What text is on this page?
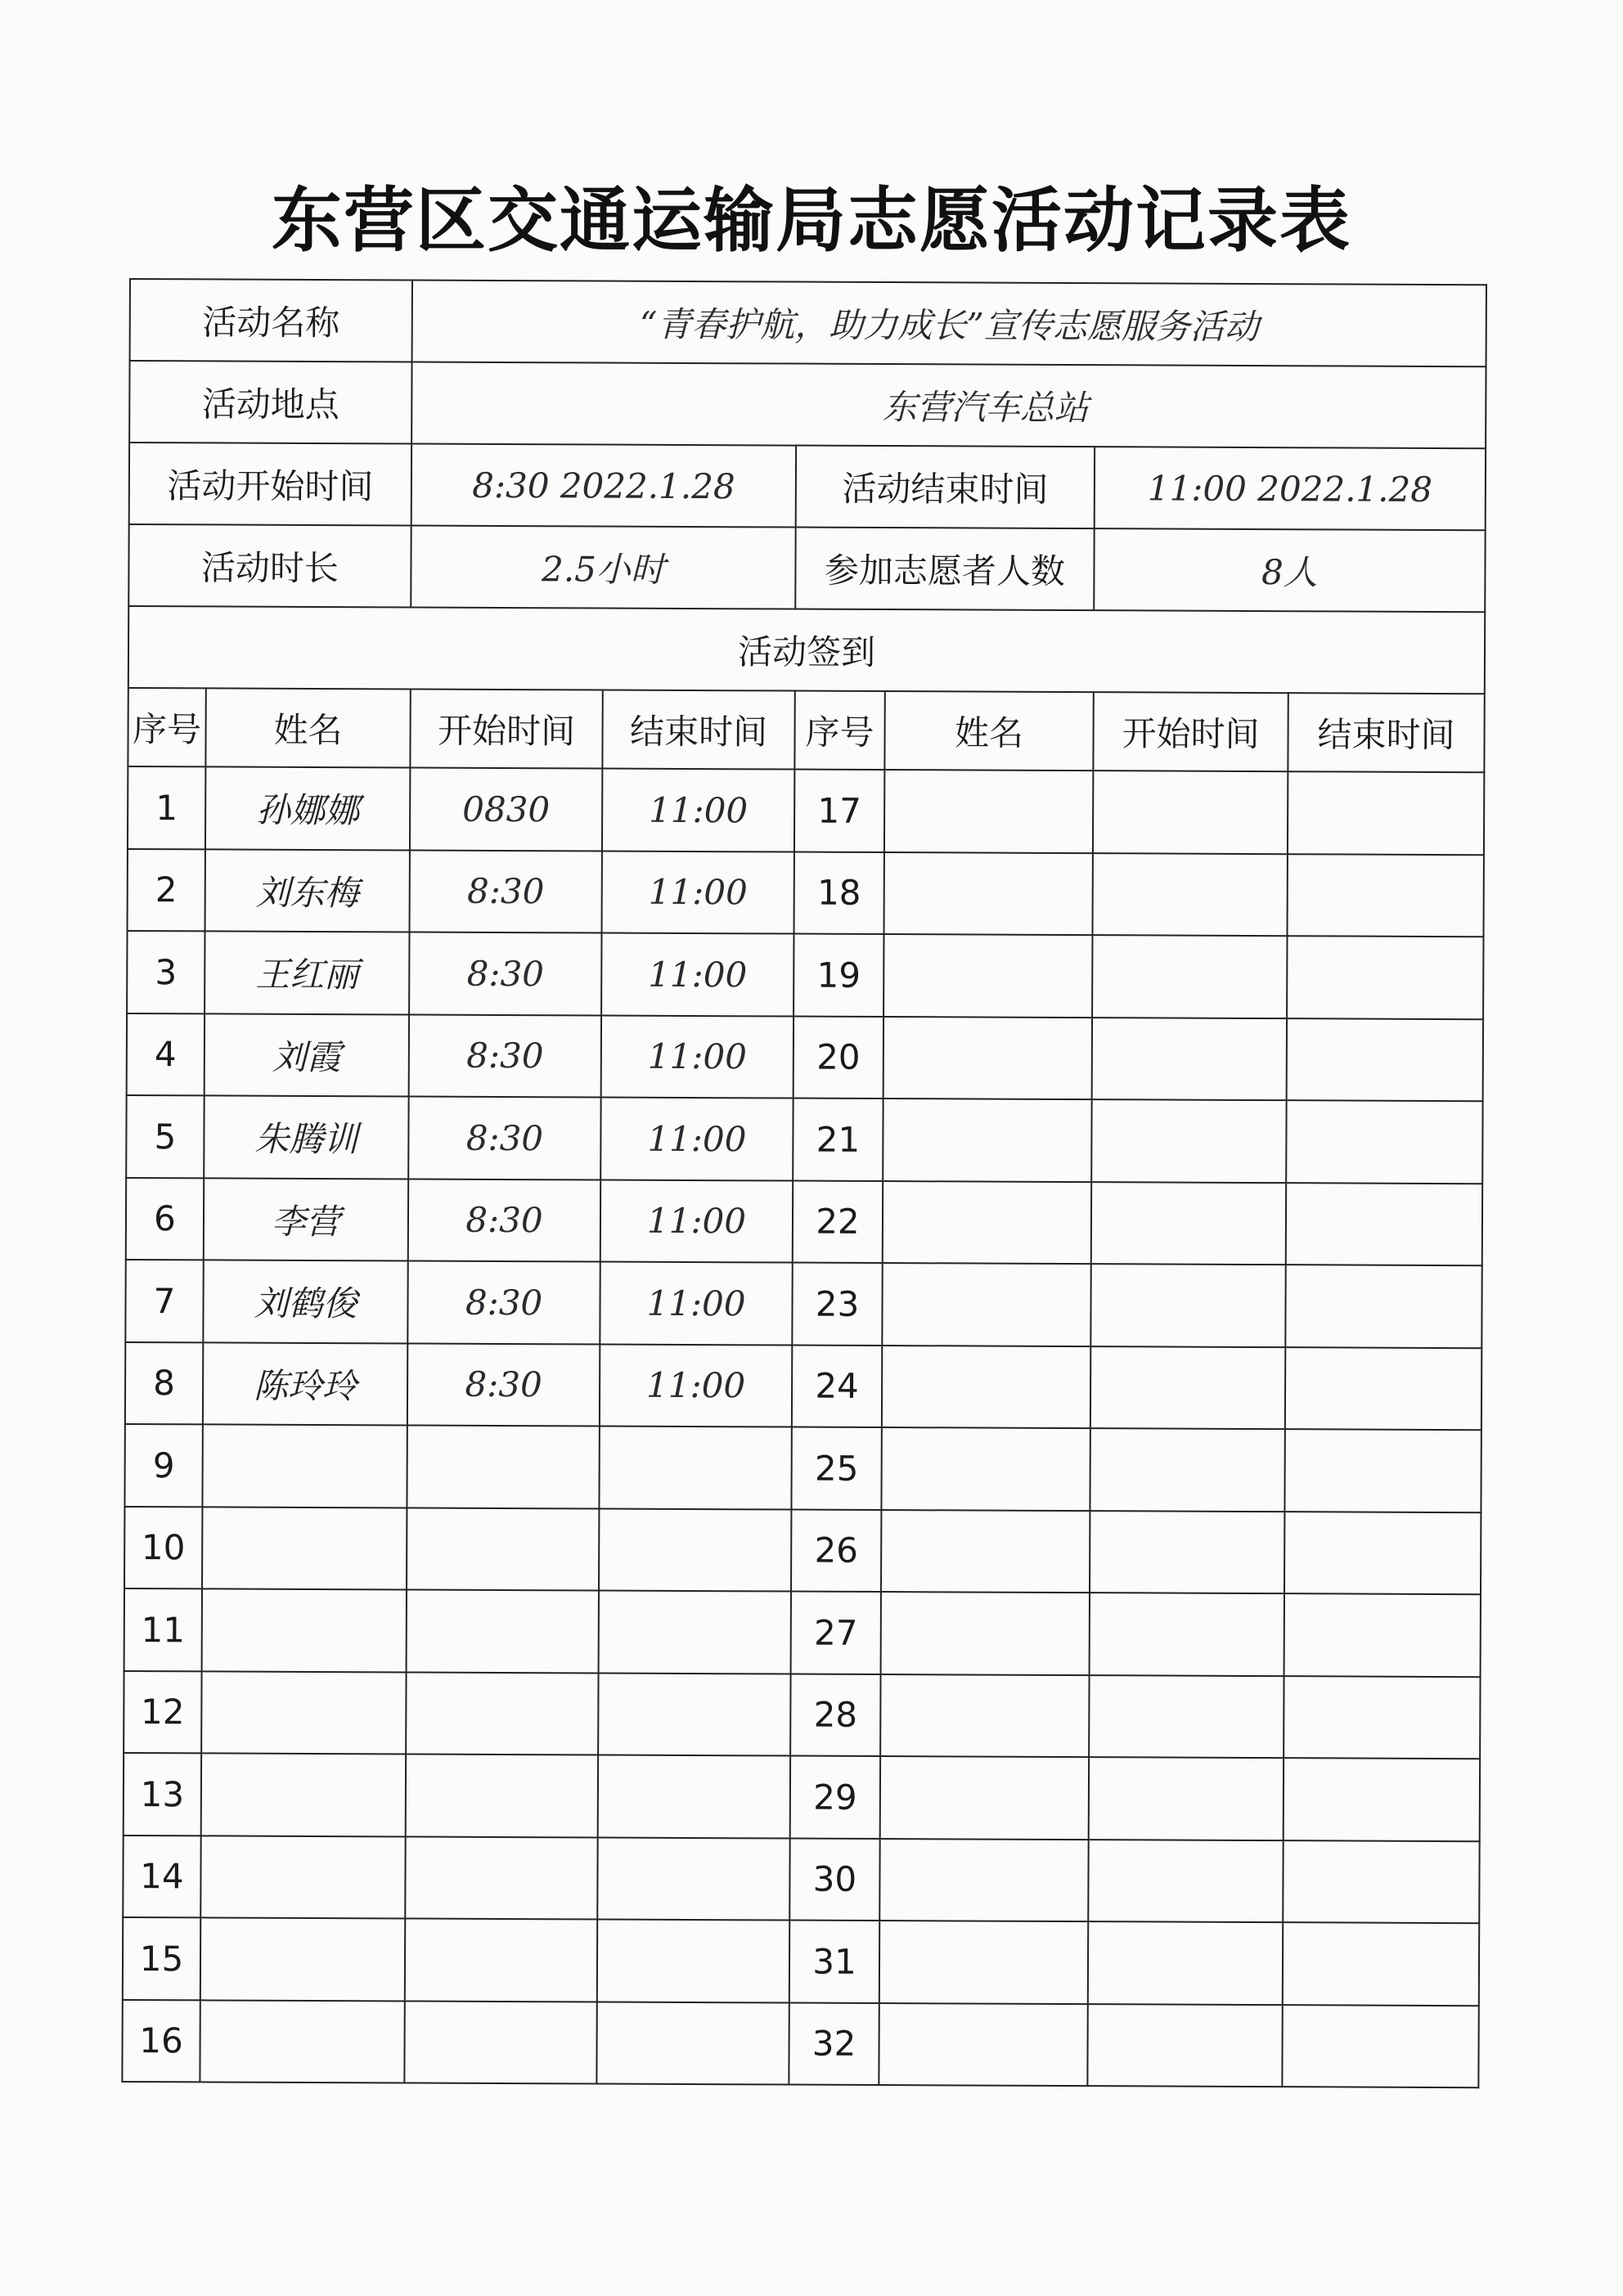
东营区交通运输局志愿活动记录表
活动名称		“青春护航，助力成长”宣传志愿服务活动					
活动地点		东营汽车总站					
活动开始时间		8:30 2022.1.28		活动结束时间		11:00 2022.1.28	
活动时长		2.5小时		参加志愿者人数		8人	
活动签到							
序号	姓名	开始时间	结束时间	序号	姓名	开始时间	结束时间
1	孙娜娜	0830	11:00	17			
2	刘东梅	8:30	11:00	18			
3	王红丽	8:30	11:00	19			
4	刘霞	8:30	11:00	20			
5	朱腾训	8:30	11:00	21			
6	李营	8:30	11:00	22			
7	刘鹤俊	8:30	11:00	23			
8	陈玲玲	8:30	11:00	24			
9				25			
10				26			
11				27			
12				28			
13				29			
14				30			
15				31			
16				32			
